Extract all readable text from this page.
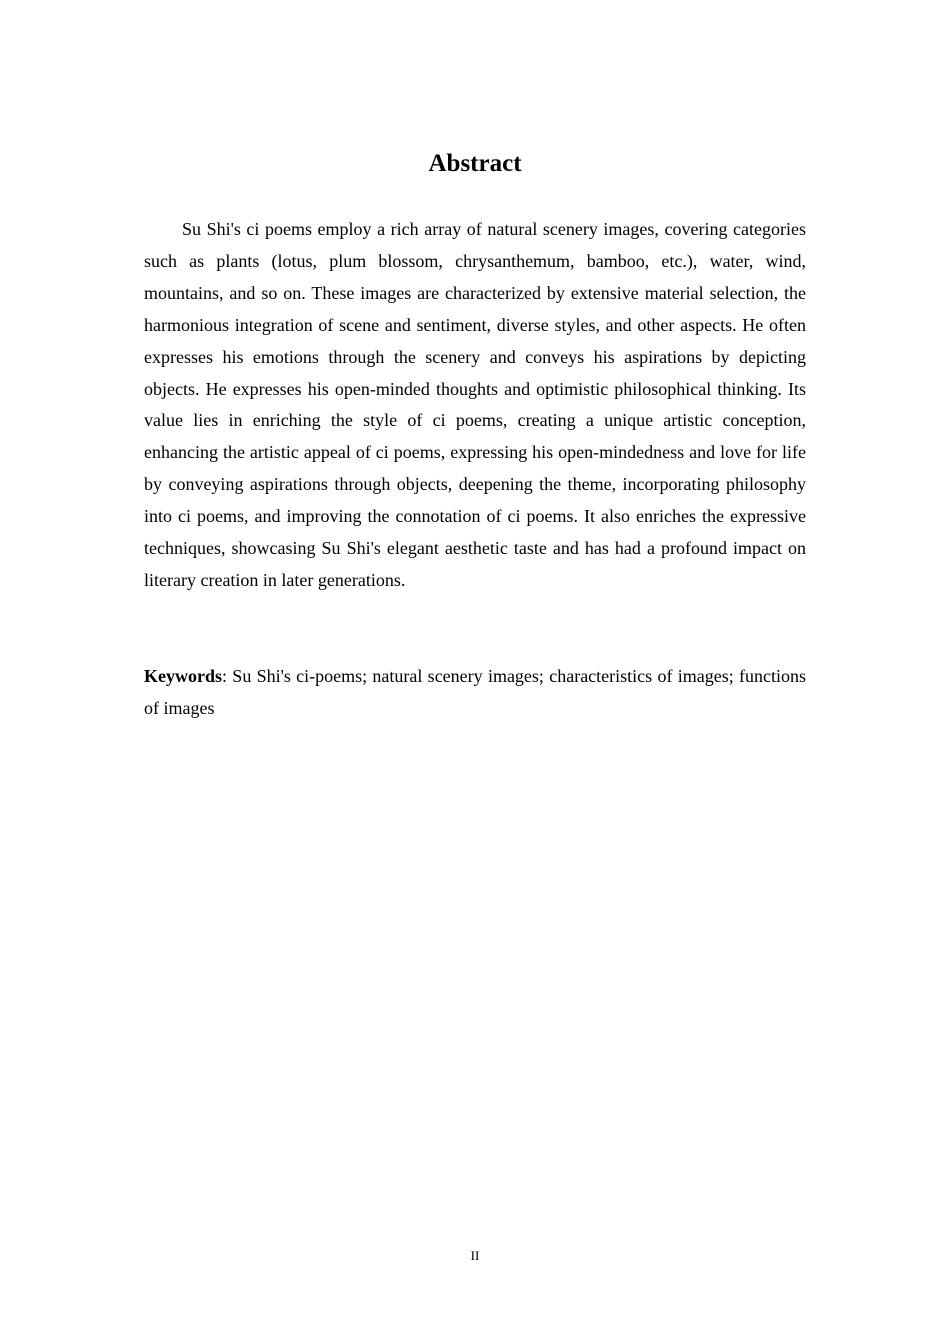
Abstract

Su Shi's ci poems employ a rich array of natural scenery images, covering categories such as plants (lotus, plum blossom, chrysanthemum, bamboo, etc.), water, wind, mountains, and so on. These images are characterized by extensive material selection, the harmonious integration of scene and sentiment, diverse styles, and other aspects. He often expresses his emotions through the scenery and conveys his aspirations by depicting objects. He expresses his open-minded thoughts and optimistic philosophical thinking. Its value lies in enriching the style of ci poems, creating a unique artistic conception, enhancing the artistic appeal of ci poems, expressing his open-mindedness and love for life by conveying aspirations through objects, deepening the theme, incorporating philosophy into ci poems, and improving the connotation of ci poems. It also enriches the expressive techniques, showcasing Su Shi's elegant aesthetic taste and has had a profound impact on literary creation in later generations.

Keywords: Su Shi's ci-poems; natural scenery images; characteristics of images; functions of images

II
